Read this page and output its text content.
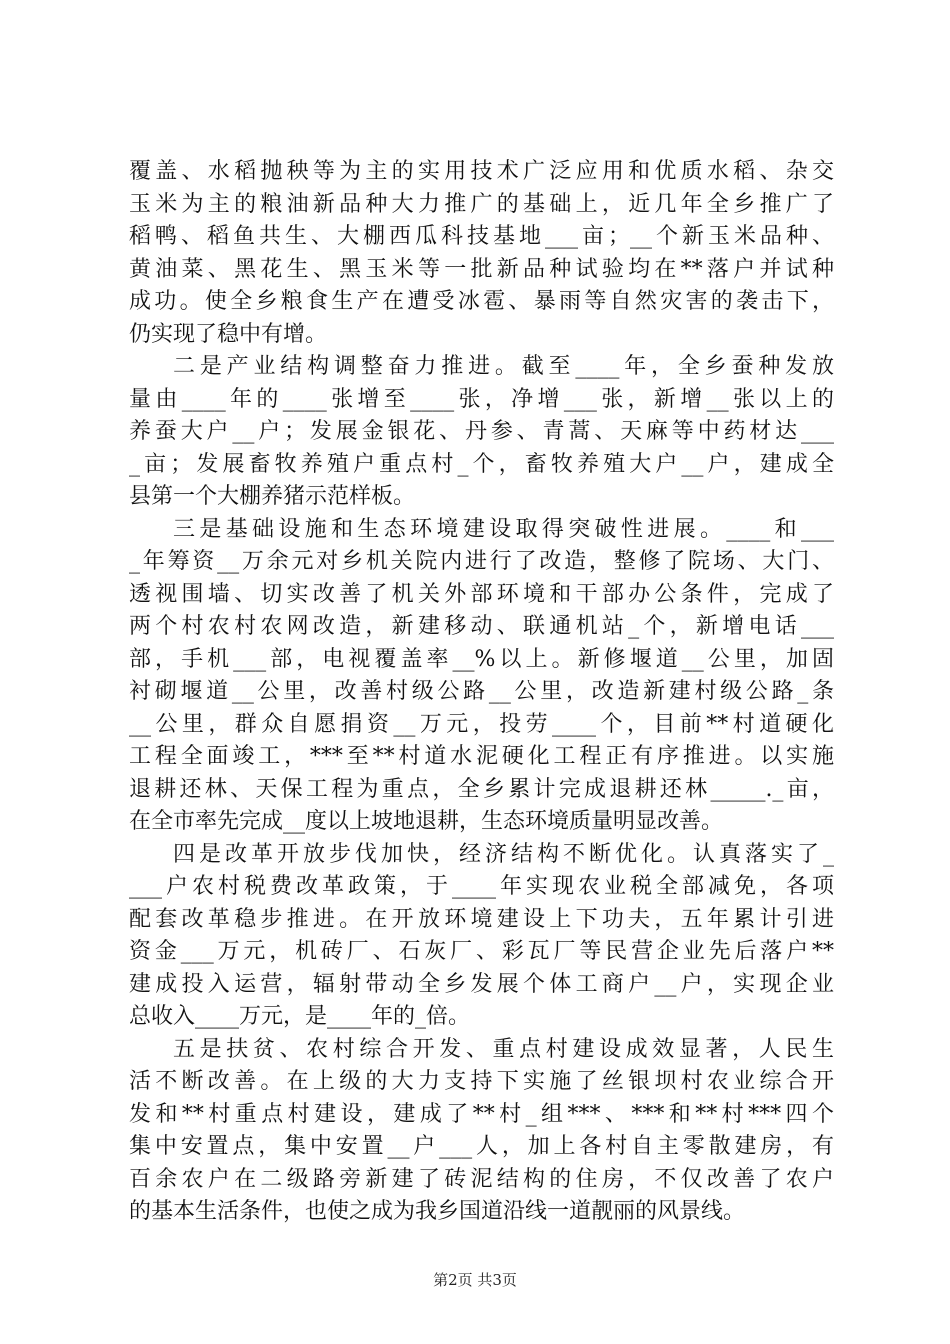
覆盖、水稻抛秧等为主的实用技术广泛应用和优质水稻、杂交
玉米为主的粮油新品种大力推广的基础上，近几年全乡推广了
稻鸭、稻鱼共生、大棚西瓜科技基地___亩；__个新玉米品种、
黄油菜、黑花生、黑玉米等一批新品种试验均在**落户并试种
成功。使全乡粮食生产在遭受冰雹、暴雨等自然灾害的袭击下，
仍实现了稳中有增。
二是产业结构调整奋力推进。截至____年，全乡蚕种发放
量由____年的____张增至____张，净增___张，新增__张以上的
养蚕大户__户；发展金银花、丹参、青蒿、天麻等中药材达___
_亩；发展畜牧养殖户重点村_个，畜牧养殖大户__户，建成全
县第一个大棚养猪示范样板。
三是基础设施和生态环境建设取得突破性进展。____和___
_年筹资__万余元对乡机关院内进行了改造，整修了院场、大门、
透视围墙、切实改善了机关外部环境和干部办公条件，完成了
两个村农村农网改造，新建移动、联通机站_个，新增电话___
部，手机___部，电视覆盖率__%以上。新修堰道__公里，加固
衬砌堰道__公里，改善村级公路__公里，改造新建村级公路_条
__公里，群众自愿捐资__万元，投劳____个，目前**村道硬化
工程全面竣工，***至**村道水泥硬化工程正有序推进。以实施
退耕还林、天保工程为重点，全乡累计完成退耕还林_____._亩，
在全市率先完成__度以上坡地退耕，生态环境质量明显改善。
四是改革开放步伐加快，经济结构不断优化。认真落实了_
___户农村税费改革政策，于____年实现农业税全部减免，各项
配套改革稳步推进。在开放环境建设上下功夫，五年累计引进
资金___万元，机砖厂、石灰厂、彩瓦厂等民营企业先后落户**
建成投入运营，辐射带动全乡发展个体工商户__户，实现企业
总收入____万元，是____年的_倍。
五是扶贫、农村综合开发、重点村建设成效显著，人民生
活不断改善。在上级的大力支持下实施了丝银坝村农业综合开
发和**村重点村建设，建成了**村_组***、***和**村***四个
集中安置点，集中安置__户___人，加上各村自主零散建房，有
百余农户在二级路旁新建了砖泥结构的住房，不仅改善了农户
的基本生活条件，也使之成为我乡国道沿线一道靓丽的风景线。
第2页 共3页
